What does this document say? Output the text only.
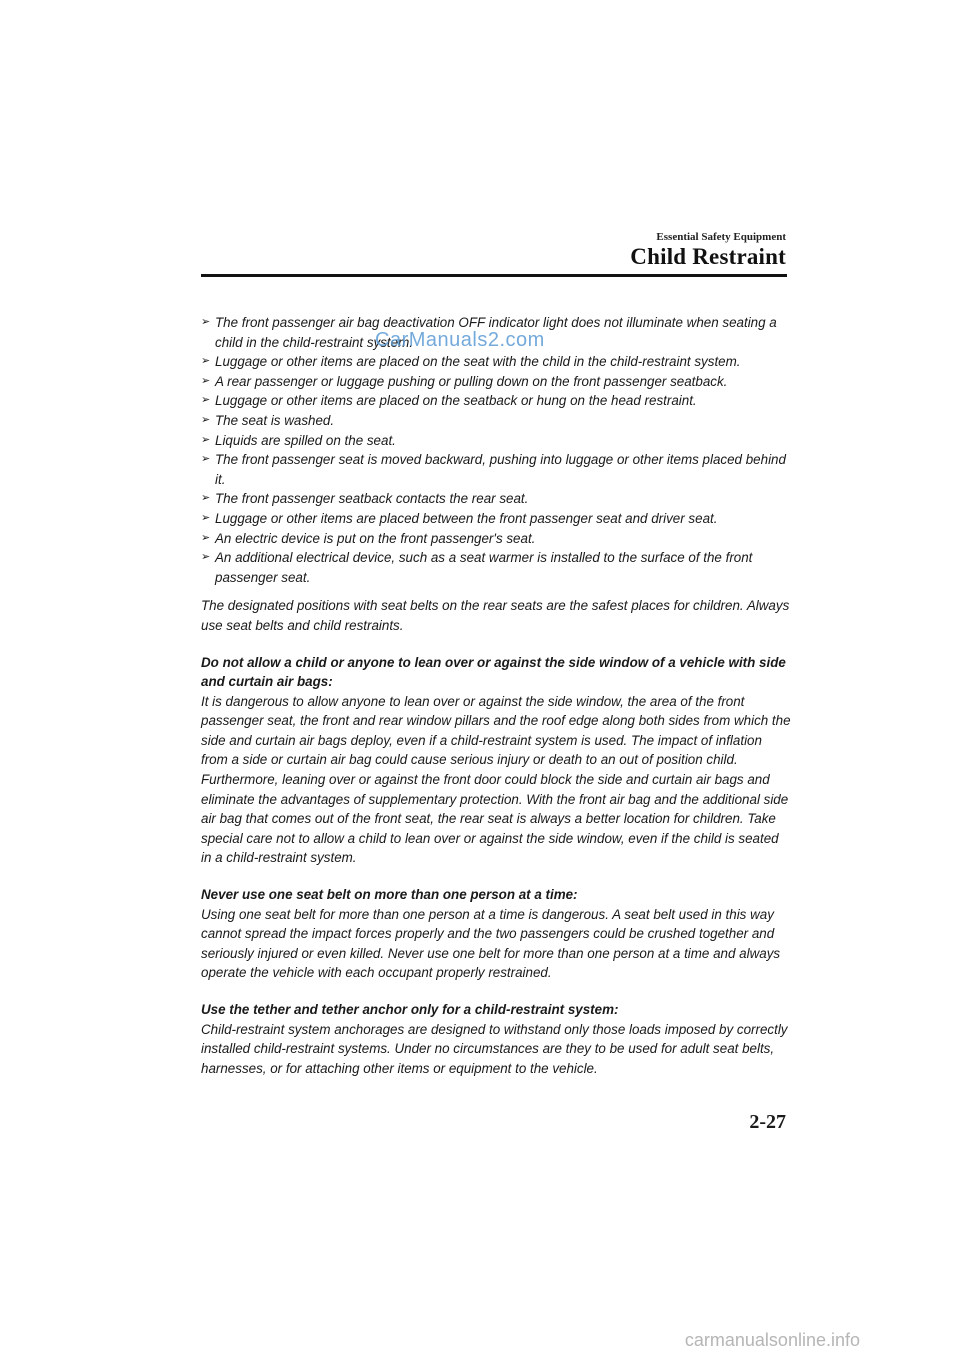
Essential Safety Equipment
Child Restraint
➢ The front passenger air bag deactivation OFF indicator light does not illuminate when seating a child in the child-restraint system.
➢ Luggage or other items are placed on the seat with the child in the child-restraint system.
➢ A rear passenger or luggage pushing or pulling down on the front passenger seatback.
➢ Luggage or other items are placed on the seatback or hung on the head restraint.
➢ The seat is washed.
➢ Liquids are spilled on the seat.
➢ The front passenger seat is moved backward, pushing into luggage or other items placed behind it.
➢ The front passenger seatback contacts the rear seat.
➢ Luggage or other items are placed between the front passenger seat and driver seat.
➢ An electric device is put on the front passenger's seat.
➢ An additional electrical device, such as a seat warmer is installed to the surface of the front passenger seat.

The designated positions with seat belts on the rear seats are the safest places for children. Always use seat belts and child restraints.

Do not allow a child or anyone to lean over or against the side window of a vehicle with side and curtain air bags:
It is dangerous to allow anyone to lean over or against the side window, the area of the front passenger seat, the front and rear window pillars and the roof edge along both sides from which the side and curtain air bags deploy, even if a child-restraint system is used. The impact of inflation from a side or curtain air bag could cause serious injury or death to an out of position child. Furthermore, leaning over or against the front door could block the side and curtain air bags and eliminate the advantages of supplementary protection. With the front air bag and the additional side air bag that comes out of the front seat, the rear seat is always a better location for children. Take special care not to allow a child to lean over or against the side window, even if the child is seated in a child-restraint system.
Never use one seat belt on more than one person at a time:
Using one seat belt for more than one person at a time is dangerous. A seat belt used in this way cannot spread the impact forces properly and the two passengers could be crushed together and seriously injured or even killed. Never use one belt for more than one person at a time and always operate the vehicle with each occupant properly restrained.
Use the tether and tether anchor only for a child-restraint system:
Child-restraint system anchorages are designed to withstand only those loads imposed by correctly installed child-restraint systems. Under no circumstances are they to be used for adult seat belts, harnesses, or for attaching other items or equipment to the vehicle.
CarManuals2.com
2-27
carmanualsonline.info
